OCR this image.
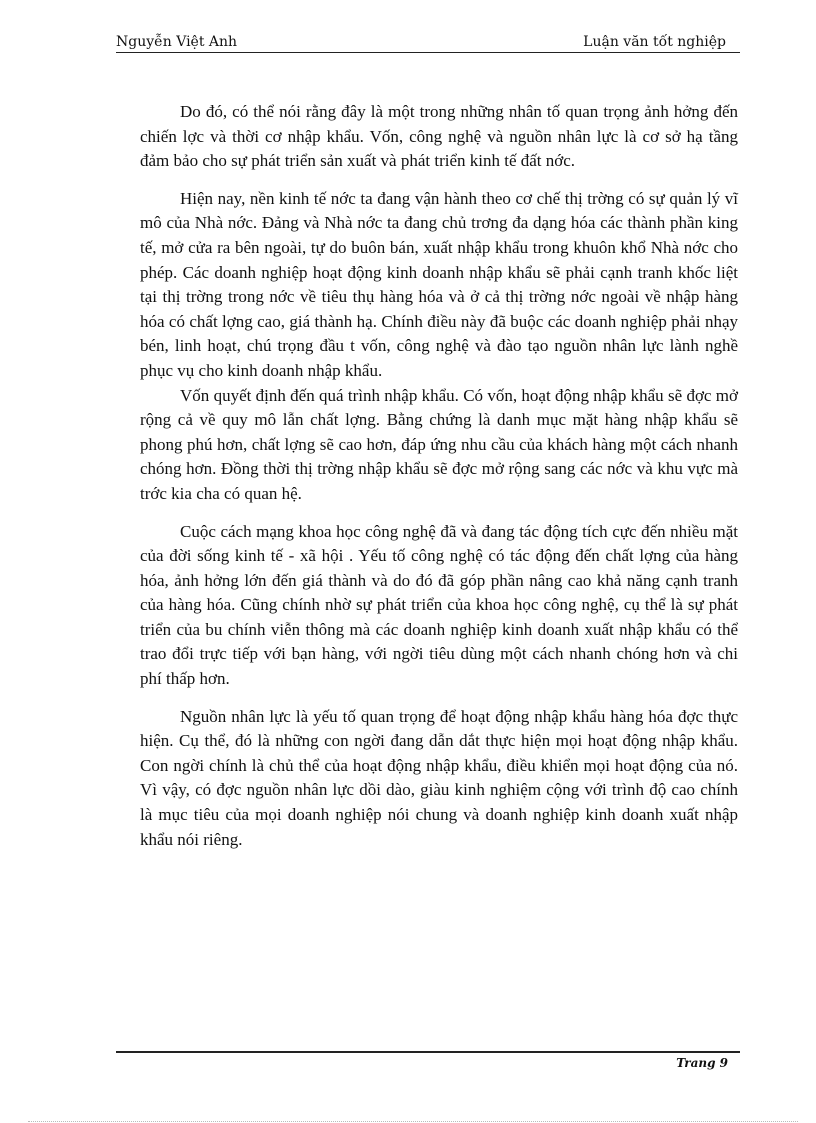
Nguyễn Việt Anh	Luận văn tốt nghiệp

Do đó, có thể nói rằng đây là một trong những nhân tố quan trọng ảnh hởng đến chiến lợc và thời cơ nhập khẩu. Vốn, công nghệ và nguồn nhân lực là cơ sở hạ tầng đảm bảo cho sự phát triển sản xuất và phát triển kinh tế đất nớc.

Hiện nay, nền kinh tế nớc ta đang vận hành theo cơ chế thị trờng có sự quản lý vĩ mô của Nhà nớc. Đảng và Nhà nớc ta đang chủ trơng đa dạng hóa các thành phần king tế, mở cửa ra bên ngoài, tự do buôn bán, xuất nhập khẩu trong khuôn khổ Nhà nớc cho phép. Các doanh nghiệp hoạt động kinh doanh nhập khẩu sẽ phải cạnh tranh khốc liệt tại thị trờng trong nớc về tiêu thụ hàng hóa và ở cả thị trờng nớc ngoài về nhập hàng hóa có chất lợng cao, giá thành hạ. Chính điều này đã buộc các doanh nghiệp phải nhạy bén, linh hoạt, chú trọng đầu t vốn, công nghệ và đào tạo nguồn nhân lực lành nghề phục vụ cho kinh doanh nhập khẩu.

Vốn quyết định đến quá trình nhập khẩu. Có vốn, hoạt động nhập khẩu sẽ đợc mở rộng cả về quy mô lẫn chất lợng. Bằng chứng là danh mục mặt hàng nhập khẩu sẽ phong phú hơn, chất lợng sẽ cao hơn, đáp ứng nhu cầu của khách hàng một cách nhanh chóng hơn. Đồng thời thị trờng nhập khẩu sẽ đợc mở rộng sang các nớc và khu vực mà trớc kia cha có quan hệ.

Cuộc cách mạng khoa học công nghệ đã và đang tác động tích cực đến nhiều mặt của đời sống kinh tế - xã hội . Yếu tố công nghệ có tác động đến chất lợng của hàng hóa, ảnh hởng lớn đến giá thành và do đó đã góp phần nâng cao khả năng cạnh tranh của hàng hóa. Cũng chính nhờ sự phát triển của khoa học công nghệ, cụ thể là sự phát triển của bu chính viễn thông mà các doanh nghiệp kinh doanh xuất nhập khẩu có thể trao đổi trực tiếp với bạn hàng, với ngời tiêu dùng một cách nhanh chóng hơn và chi phí thấp hơn.

Nguồn nhân lực là yếu tố quan trọng để hoạt động nhập khẩu hàng hóa đợc thực hiện. Cụ thể, đó là những con ngời đang dẫn dắt thực hiện mọi hoạt động nhập khẩu. Con ngời chính là chủ thể của hoạt động nhập khẩu, điều khiển mọi hoạt động của nó. Vì vậy, có đợc nguồn nhân lực dồi dào, giàu kinh nghiệm cộng với trình độ cao chính là mục tiêu của mọi doanh nghiệp nói chung và doanh nghiệp kinh doanh xuất nhập khẩu nói riêng.

Trang 9
